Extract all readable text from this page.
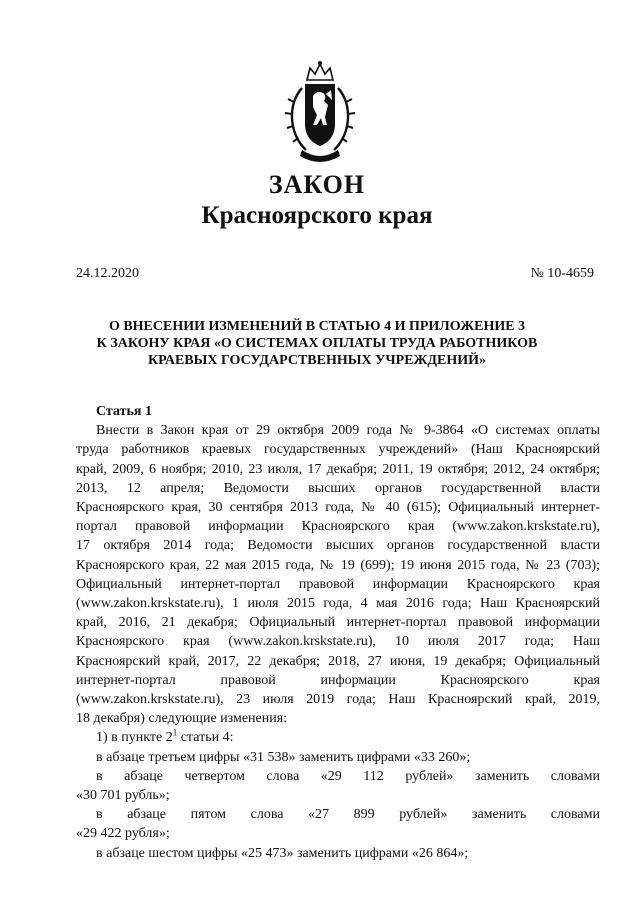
ЗАКОН
Красноярского края
24.12.2020	№ 10-4659
О ВНЕСЕНИИ ИЗМЕНЕНИЙ В СТАТЬЮ 4 И ПРИЛОЖЕНИЕ 3
К ЗАКОНУ КРАЯ «О СИСТЕМАХ ОПЛАТЫ ТРУДА РАБОТНИКОВ
КРАЕВЫХ ГОСУДАРСТВЕННЫХ УЧРЕЖДЕНИЙ»
Статья 1
Внести в Закон края от 29 октября 2009 года № 9-3864 «О системах оплаты
труда работников краевых государственных учреждений» (Наш Красноярский
край, 2009, 6 ноября; 2010, 23 июля, 17 декабря; 2011, 19 октября; 2012, 24 октября;
2013, 12 апреля; Ведомости высших органов государственной власти
Красноярского края, 30 сентября 2013 года, № 40 (615); Официальный интернет-
портал правовой информации Красноярского края (www.zakon.krskstate.ru),
17 октября 2014 года; Ведомости высших органов государственной власти
Красноярского края, 22 мая 2015 года, № 19 (699); 19 июня 2015 года, № 23 (703);
Официальный интернет-портал правовой информации Красноярского края
(www.zakon.krskstate.ru), 1 июля 2015 года, 4 мая 2016 года; Наш Красноярский
край, 2016, 21 декабря; Официальный интернет-портал правовой информации
Красноярского края (www.zakon.krskstate.ru), 10 июля 2017 года; Наш
Красноярский край, 2017, 22 декабря; 2018, 27 июня, 19 декабря; Официальный
интернет-портал правовой информации Красноярского края
(www.zakon.krskstate.ru), 23 июля 2019 года; Наш Красноярский край, 2019,
18 декабря) следующие изменения:
1) в пункте $2^1$ статьи 4:
в абзаце третьем цифры «31 538» заменить цифрами «33 260»;
в абзаце четвертом слова «29 112 рублей» заменить словами
«30 701 рубль»;
в абзаце пятом слова «27 899 рублей» заменить словами
«29 422 рубля»;
в абзаце шестом цифры «25 473» заменить цифрами «26 864»;
